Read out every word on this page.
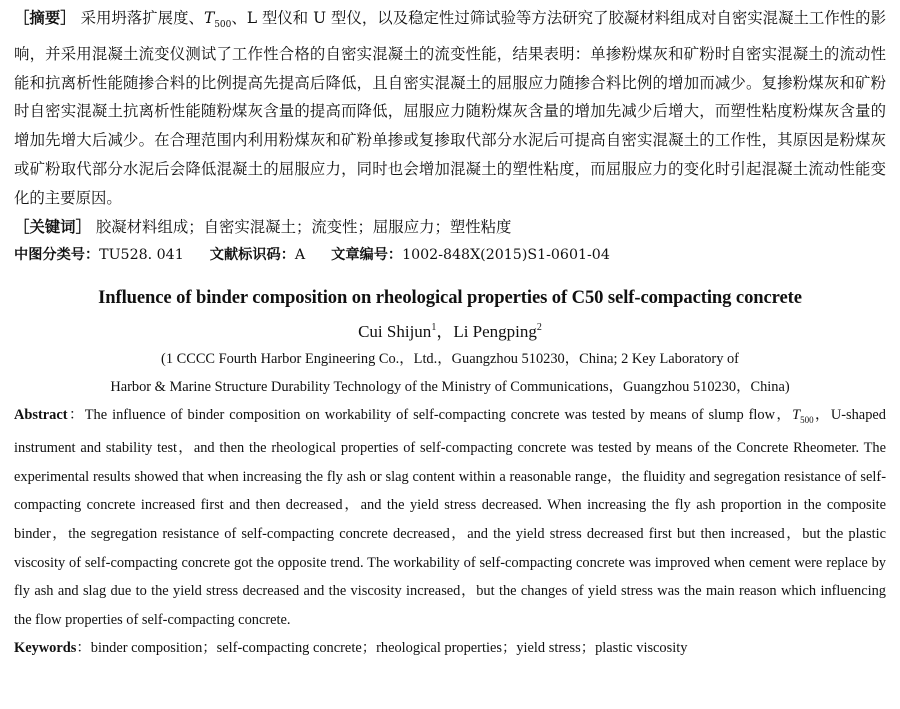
［摘要］ 采用坍落扩展度、$T_{500}$、L 型仪和 U 型仪，以及稳定性过筛试验等方法研究了胶凝材料组成对自密实混凝土工作性的影响，并采用混凝土流变仪测试了工作性合格的自密实混凝土的流变性能，结果表明：单掺粉煤灰和矿粉时自密实混凝土的流动性能和抗离析性能随掺合料的比例提高先提高后降低，且自密实混凝土的屈服应力随掺合料比例的增加而减少。复掺粉煤灰和矿粉时自密实混凝土抗离析性能随粉煤灰含量的提高而降低，屈服应力随粉煤灰含量的增加先减少后增大，而塑性粘度粉煤灰含量的增加先增大后减少。在合理范围内利用粉煤灰和矿粉单掺或复掺取代部分水泥后可提高自密实混凝土的工作性，其原因是粉煤灰或矿粉取代部分水泥后会降低混凝土的屈服应力，同时也会增加混凝土的塑性粘度，而屈服应力的变化时引起混凝土流动性能变化的主要原因。

［关键词］ 胶凝材料组成；自密实混凝土；流变性；屈服应力；塑性粘度

中图分类号：TU528. 041 文献标识码：A 文章编号：1002-848X(2015)S1-0601-04

Influence of binder composition on rheological properties of C50 self-compacting concrete

Cui Shijun$^1$，Li Pengping$^2$

(1 CCCC Fourth Harbor Engineering Co.，Ltd.，Guangzhou 510230，China; 2 Key Laboratory of

Harbor & Marine Structure Durability Technology of the Ministry of Communications，Guangzhou 510230，China)

Abstract：The influence of binder composition on workability of self-compacting concrete was tested by means of slump flow，$T_{500}$，U-shaped instrument and stability test，and then the rheological properties of self-compacting concrete was tested by means of the Concrete Rheometer. The experimental results showed that when increasing the fly ash or slag content within a reasonable range，the fluidity and segregation resistance of self-compacting concrete increased first and then decreased，and the yield stress decreased. When increasing the fly ash proportion in the composite binder，the segregation resistance of self-compacting concrete decreased，and the yield stress decreased first but then increased，but the plastic viscosity of self-compacting concrete got the opposite trend. The workability of self-compacting concrete was improved when cement were replace by fly ash and slag due to the yield stress decreased and the viscosity increased，but the changes of yield stress was the main reason which influencing the flow properties of self-compacting concrete.

Keywords：binder composition；self-compacting concrete；rheological properties；yield stress；plastic viscosity
